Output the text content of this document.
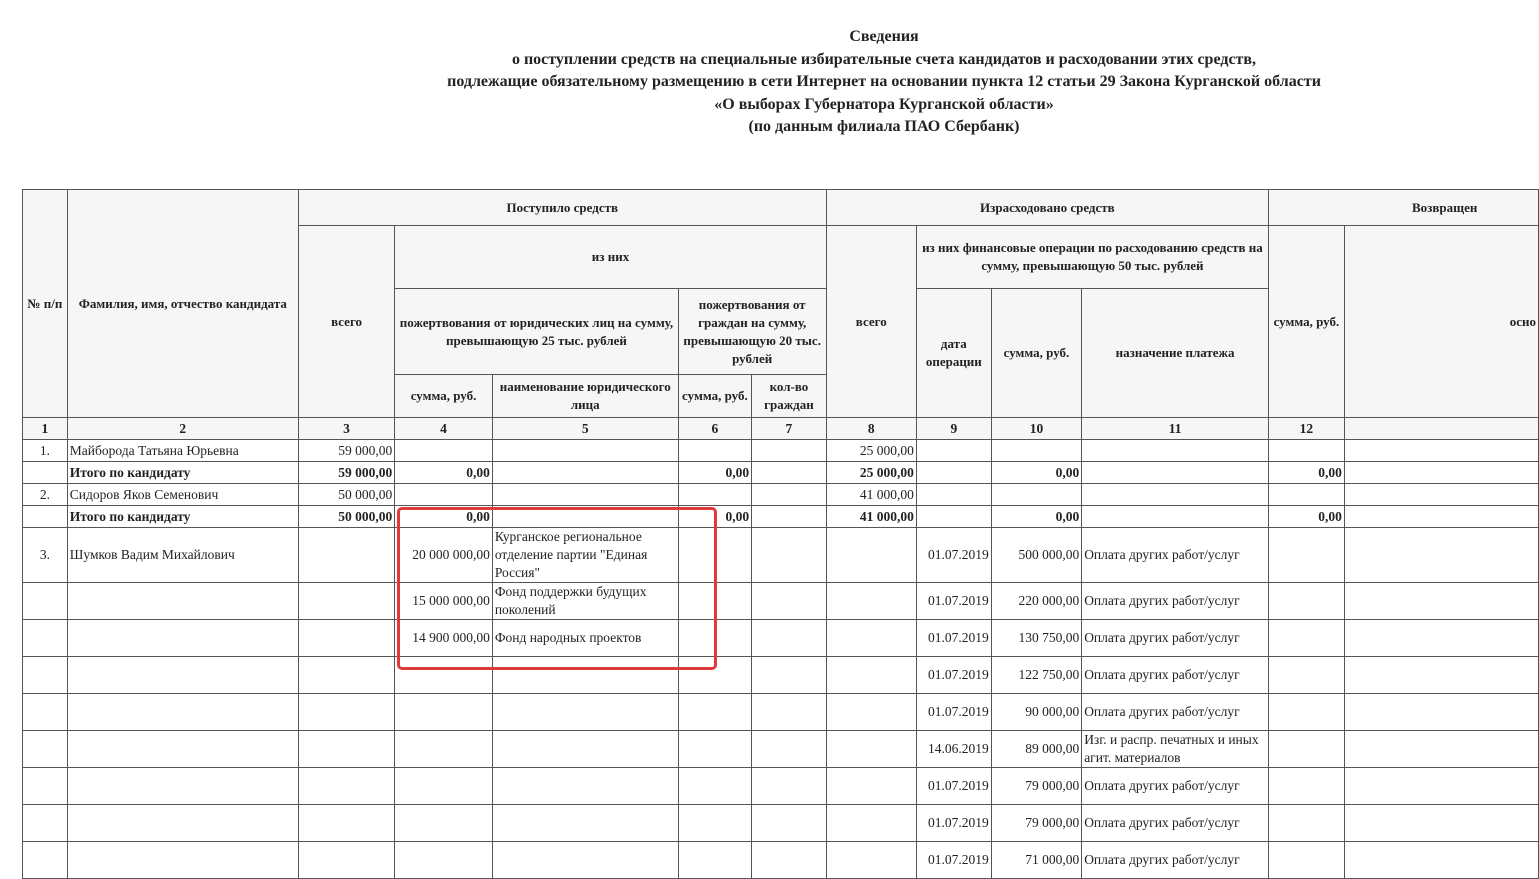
Сведения
о поступлении средств на специальные избирательные счета кандидатов и расходовании этих средств,
подлежащие обязательному размещению в сети Интернет на основании пункта 12 статьи 29 Закона Курганской области
«О выборах Губернатора Курганской области»
(по данным филиала ПАО Сбербанк)
№ п/п	Фамилия, имя, отчество кандидата	Поступило средств					Израсходовано средств				Возвращен	
		всего	из них				всего	из них финансовые операции по расходованию средств на сумму, превышающую 50 тыс. рублей			сумма, руб.	осно
			пожертвования от юридических лиц на сумму, превышающую 25 тыс. рублей		пожертвования от граждан на сумму, превышающую 20 тыс. рублей			дата операции	сумма, руб.	назначение платежа		
			сумма, руб.	наименование юридического лица	сумма, руб.	кол-во граждан						
1	2	3	4	5	6	7	8	9	10	11	12	
1.	Майборода Татьяна Юрьевна	59 000,00					25 000,00					
	Итого по кандидату	59 000,00	0,00		0,00		25 000,00		0,00		0,00	
2.	Сидоров Яков Семенович	50 000,00					41 000,00					
	Итого по кандидату	50 000,00	0,00		0,00		41 000,00		0,00		0,00	
3.	Шумков Вадим Михайлович		20 000 000,00	Курганское региональное отделение партии "Единая Россия"				01.07.2019	500 000,00	Оплата других работ/услуг		
			15 000 000,00	Фонд поддержки будущих поколений				01.07.2019	220 000,00	Оплата других работ/услуг		
			14 900 000,00	Фонд народных проектов				01.07.2019	130 750,00	Оплата других работ/услуг		
								01.07.2019	122 750,00	Оплата других работ/услуг		
								01.07.2019	90 000,00	Оплата других работ/услуг		
								14.06.2019	89 000,00	Изг. и распр. печатных и иных агит. материалов		
								01.07.2019	79 000,00	Оплата других работ/услуг		
								01.07.2019	79 000,00	Оплата других работ/услуг		
								01.07.2019	71 000,00	Оплата других работ/услуг		
